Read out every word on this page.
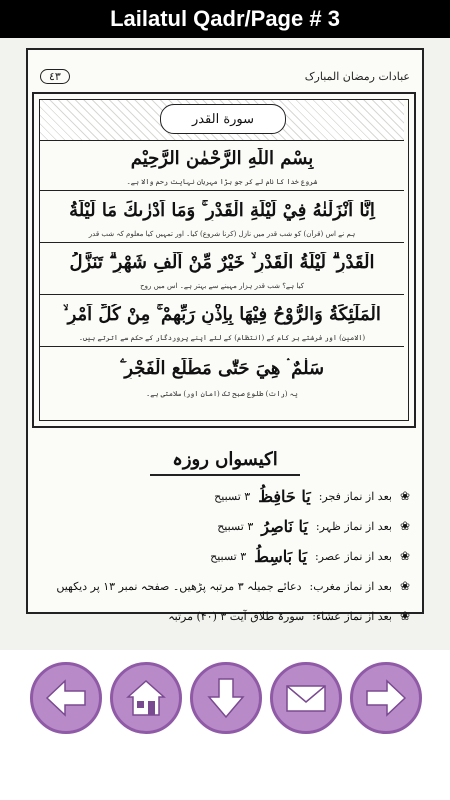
Lailatul Qadr/Page # 3
٤٣	عبادات رمضان المبارک
سورة القدر
بِسْمِ اللّٰهِ الرَّحْمٰنِ الرَّحِيْمِ
شروع خدا کا نام لے کر جو بڑا مہربان نہایت رحم والا ہے۔
اِنَّا اَنْزَلْنٰهُ فِيْ لَيْلَةِ الْقَدْرِ ۚ وَمَا اَدْرٰىكَ مَا لَيْلَةُ
ہم نے اس (قرآن) کو شب قدر میں نازل (کرنا شروع) کیا۔ اور تمہیں کیا معلوم کہ شب قدر
الْقَدْرِ ۗ لَيْلَةُ الْقَدْرِ ۙ خَيْرٌ مِّنْ اَلْفِ شَهْرٍ ۗ تَنَزَّلُ
کیا ہے؟ شب قدر ہزار مہینے سے بہتر ہے۔ اس میں روح
الْمَلٰٓئِكَةُ وَالرُّوْحُ فِيْهَا بِاِذْنِ رَبِّهِمْ ۚ مِنْ كُلِّ اَمْرٍ ۙ
(الامین) اور فرشتے ہر کام کے (انتظام) کے لئے اپنے پروردگار کے حکم سے اترتے ہیں۔
سَلٰمٌ ۛ هِيَ حَتّٰى مَطْلَعِ الْفَجْرِ ۧ
یہ (رات) طلوع صبح تک (امان اور) سلامتی ہے۔
اکیسواں روزہ
❀
بعد از نماز فجر:
یَا حَافِظُ
۳ تسبیح
❀
بعد از نماز ظہر:
یَا نَاصِرُ
۳ تسبیح
❀
بعد از نماز عصر:
یَا بَاسِطُ
۳ تسبیح
❀
بعد از نماز مغرب:
دعائے جمیلہ ۳ مرتبہ پڑھیں۔ صفحہ نمبر ۱۳ پر دیکھیں
❀
بعد از نماز عشاء:
سورۃ طلاق آیت ۳ (۴۰) مرتبہ
